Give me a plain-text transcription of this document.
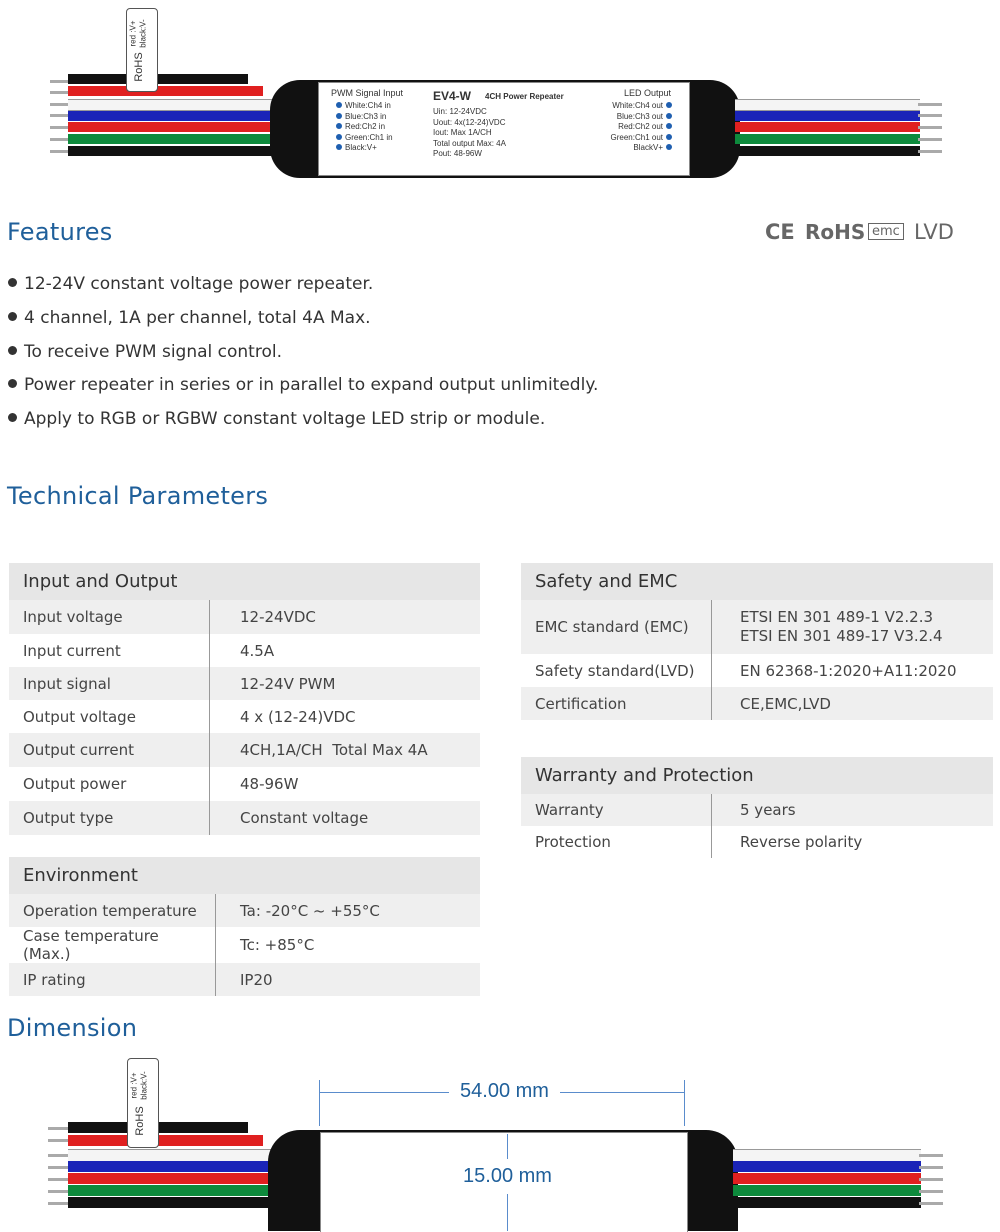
RoHS
red :V+ black:V-
PWM Signal Input
White:Ch4 in
Blue:Ch3 in
Red:Ch2 in
Green:Ch1 in
Black:V+
EV4-W 4CH Power Repeater
Uin: 12-24VDC
Uout: 4x(12-24)VDC
Iout: Max 1A/CH
Total output Max: 4A
Pout: 48-96W
LED Output
White:Ch4 out
Blue:Ch3 out
Red:Ch2 out
Green:Ch1 out
BlackV+
Features	CE RoHS emc LVD
12-24V constant voltage power repeater.
4 channel, 1A per channel, total 4A Max.
To receive PWM signal control.
Power repeater in series or in parallel to expand output unlimitedly.
Apply to RGB or RGBW constant voltage LED strip or module.
Technical Parameters
Input and Output	
Input voltage	12-24VDC
Input current	4.5A
Input signal	12-24V PWM
Output voltage	4 x (12-24)VDC
Output current	4CH,1A/CH  Total Max 4A
Output power	48-96W
Output type	Constant voltage
Environment	
Operation temperature	Ta: -20°C ~ +55°C
Case temperature (Max.)	Tc: +85°C
IP rating	IP20
Safety and EMC	
EMC standard (EMC)	ETSI EN 301 489-1 V2.2.3
ETSI EN 301 489-17 V3.2.4

Safety standard(LVD)	EN 62368-1:2020+A11:2020
Certification	CE,EMC,LVD
Warranty and Protection	
Warranty	5 years
Protection	Reverse polarity
Dimension
RoHS
red :V+ black:V-	54.00 mm
15.00 mm
